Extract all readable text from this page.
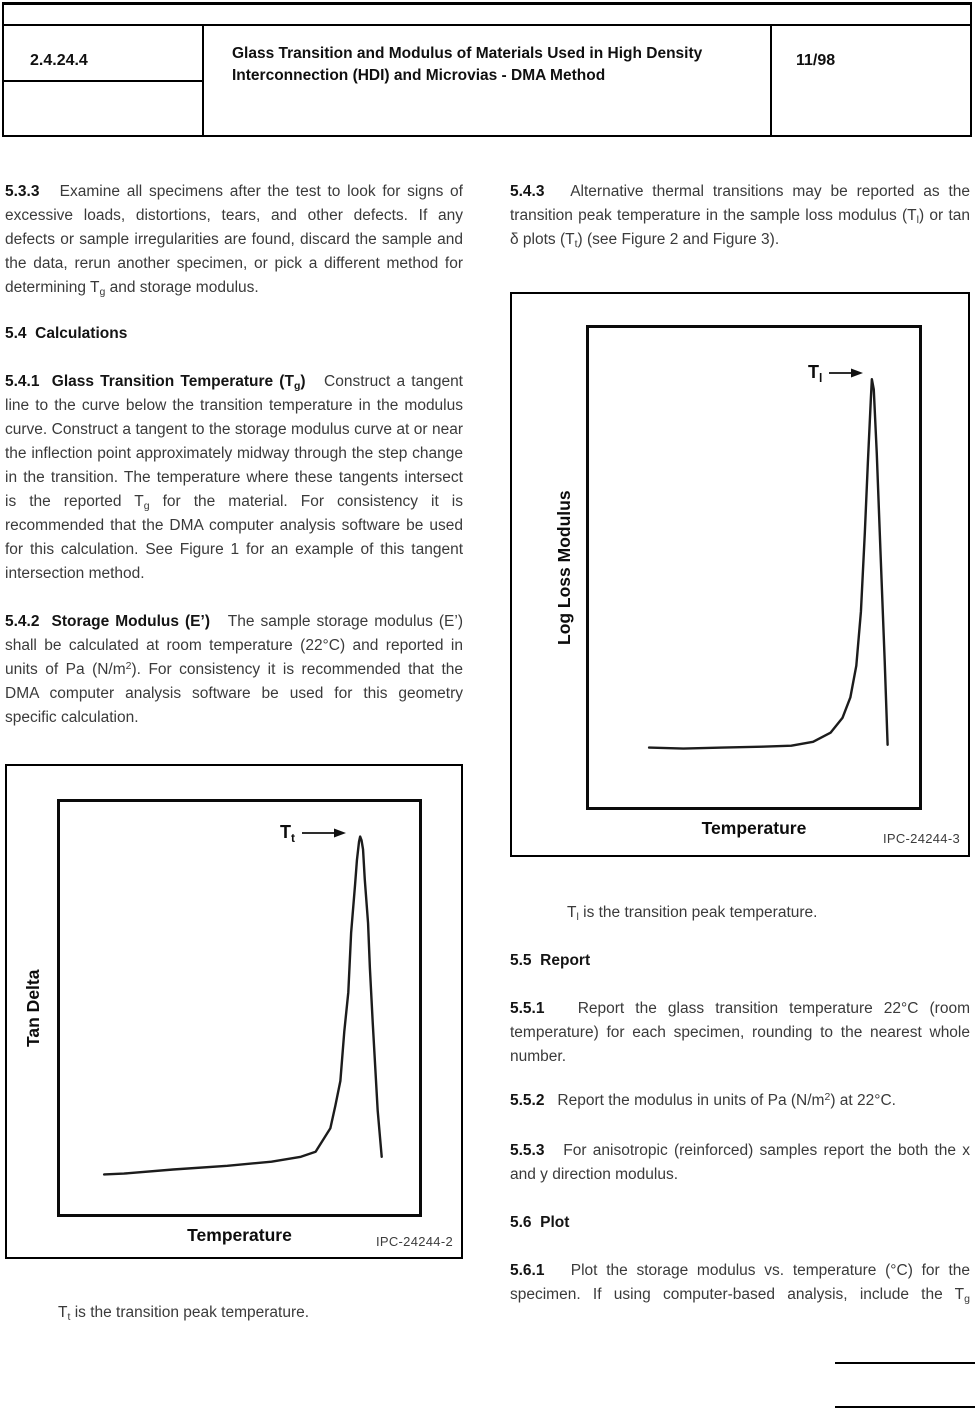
2.4.24.4	Glass Transition and Modulus of Materials Used in High Density Interconnection (HDI) and Microvias - DMA Method
11/98

5.3.3   Examine all specimens after the test to look for signs of excessive loads, distortions, tears, and other defects. If any defects or sample irregularities are found, discard the sample and the data, rerun another specimen, or pick a different method for determining $T_g$ and storage modulus.

5.4  Calculations

5.4.1  Glass Transition Temperature $(T_g)$   Construct a tangent line to the curve below the transition temperature in the modulus curve. Construct a tangent to the storage modulus curve at or near the inflection point approximately midway through the step change in the transition. The temperature where these tangents intersect is the reported $T_g$ for the material. For consistency it is recommended that the DMA computer analysis software be used for this calculation. See Figure 1 for an example of this tangent intersection method.

5.4.2  Storage Modulus (E’)   The sample storage modulus (E’) shall be calculated at room temperature (22°C) and reported in units of Pa $(N/m^2)$. For consistency it is recommended that the DMA computer analysis software be used for this geometry specific calculation.

Tan Delta
$T_t$
Temperature	IPC-24244-2

$T_t$ is the transition peak temperature.

5.4.3   Alternative thermal transitions may be reported as the transition peak temperature in the sample loss modulus $(T_l)$ or tan δ plots $(T_t)$ (see Figure 2 and Figure 3).

Log Loss Modulus
$T_l$
Temperature
IPC-24244-3

$T_l$ is the transition peak temperature.

5.5  Report

5.5.1   Report the glass transition temperature 22°C (room temperature) for each specimen, rounding to the nearest whole number.

5.5.2   Report the modulus in units of Pa $(N/m^2)$ at 22°C.

5.5.3   For anisotropic (reinforced) samples report the both the x and y direction modulus.

5.6  Plot

5.6.1   Plot the storage modulus vs. temperature (°C) for the specimen. If using computer-based analysis, include the $T_g$
